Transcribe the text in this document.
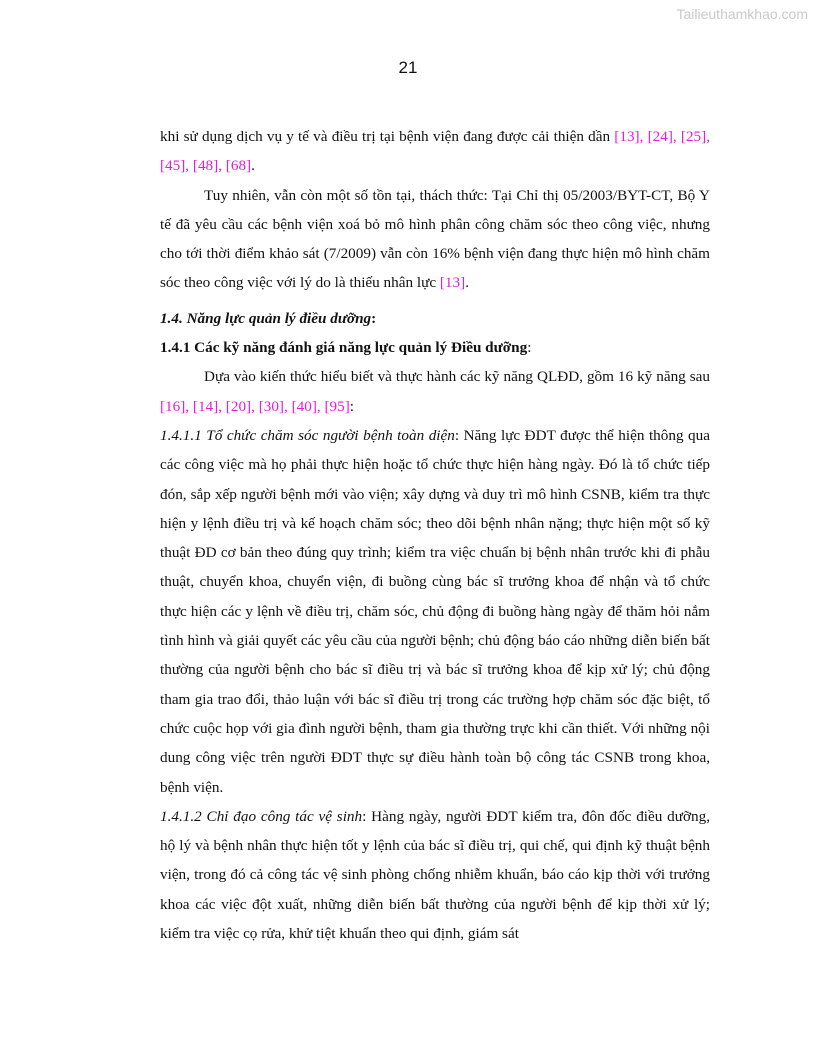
Tailieuthamkhao.com
21

khi sử dụng dịch vụ y tế và điều trị tại bệnh viện đang được cải thiện dần [13], [24], [25], [45], [48], [68].

Tuy nhiên, vẫn còn một số tồn tại, thách thức: Tại Chỉ thị 05/2003/BYT-CT, Bộ Y tế đã yêu cầu các bệnh viện xoá bỏ mô hình phân công chăm sóc theo công việc, nhưng cho tới thời điểm khảo sát (7/2009) vẫn còn 16% bệnh viện đang thực hiện mô hình chăm sóc theo công việc với lý do là thiếu nhân lực [13].

1.4. Năng lực quản lý điều dưỡng:

1.4.1 Các kỹ năng đánh giá năng lực quản lý Điều dưỡng:

Dựa vào kiến thức hiểu biết và thực hành các kỹ năng QLĐD, gồm 16 kỹ năng sau [16], [14], [20], [30], [40], [95]:

1.4.1.1 Tổ chức chăm sóc người bệnh toàn diện: Năng lực ĐDT được thể hiện thông qua các công việc mà họ phải thực hiện hoặc tổ chức thực hiện hàng ngày. Đó là tổ chức tiếp đón, sắp xếp người bệnh mới vào viện; xây dựng và duy trì mô hình CSNB, kiểm tra thực hiện y lệnh điều trị và kế hoạch chăm sóc; theo dõi bệnh nhân nặng; thực hiện một số kỹ thuật ĐD cơ bản theo đúng quy trình; kiểm tra việc chuẩn bị bệnh nhân trước khi đi phẫu thuật, chuyển khoa, chuyển viện, đi buồng cùng bác sĩ trưởng khoa để nhận và tổ chức thực hiện các y lệnh về điều trị, chăm sóc, chủ động đi buồng hàng ngày để thăm hỏi nắm tình hình và giải quyết các yêu cầu của người bệnh; chủ động báo cáo những diễn biến bất thường của người bệnh cho bác sĩ điều trị và bác sĩ trưởng khoa để kịp xử lý; chủ động tham gia trao đổi, thảo luận với bác sĩ điều trị trong các trường hợp chăm sóc đặc biệt, tổ chức cuộc họp với gia đình người bệnh, tham gia thường trực khi cần thiết. Với những nội dung công việc trên người ĐDT thực sự điều hành toàn bộ công tác CSNB trong khoa, bệnh viện.

1.4.1.2 Chỉ đạo công tác vệ sinh: Hàng ngày, người ĐDT kiểm tra, đôn đốc điều dưỡng, hộ lý và bệnh nhân thực hiện tốt y lệnh của bác sĩ điều trị, qui chế, qui định kỹ thuật bệnh viện, trong đó cả công tác vệ sinh phòng chống nhiễm khuẩn, báo cáo kịp thời với trưởng khoa các việc đột xuất, những diễn biến bất thường của người bệnh để kịp thời xử lý; kiểm tra việc cọ rửa, khử tiệt khuẩn theo qui định, giám sát
